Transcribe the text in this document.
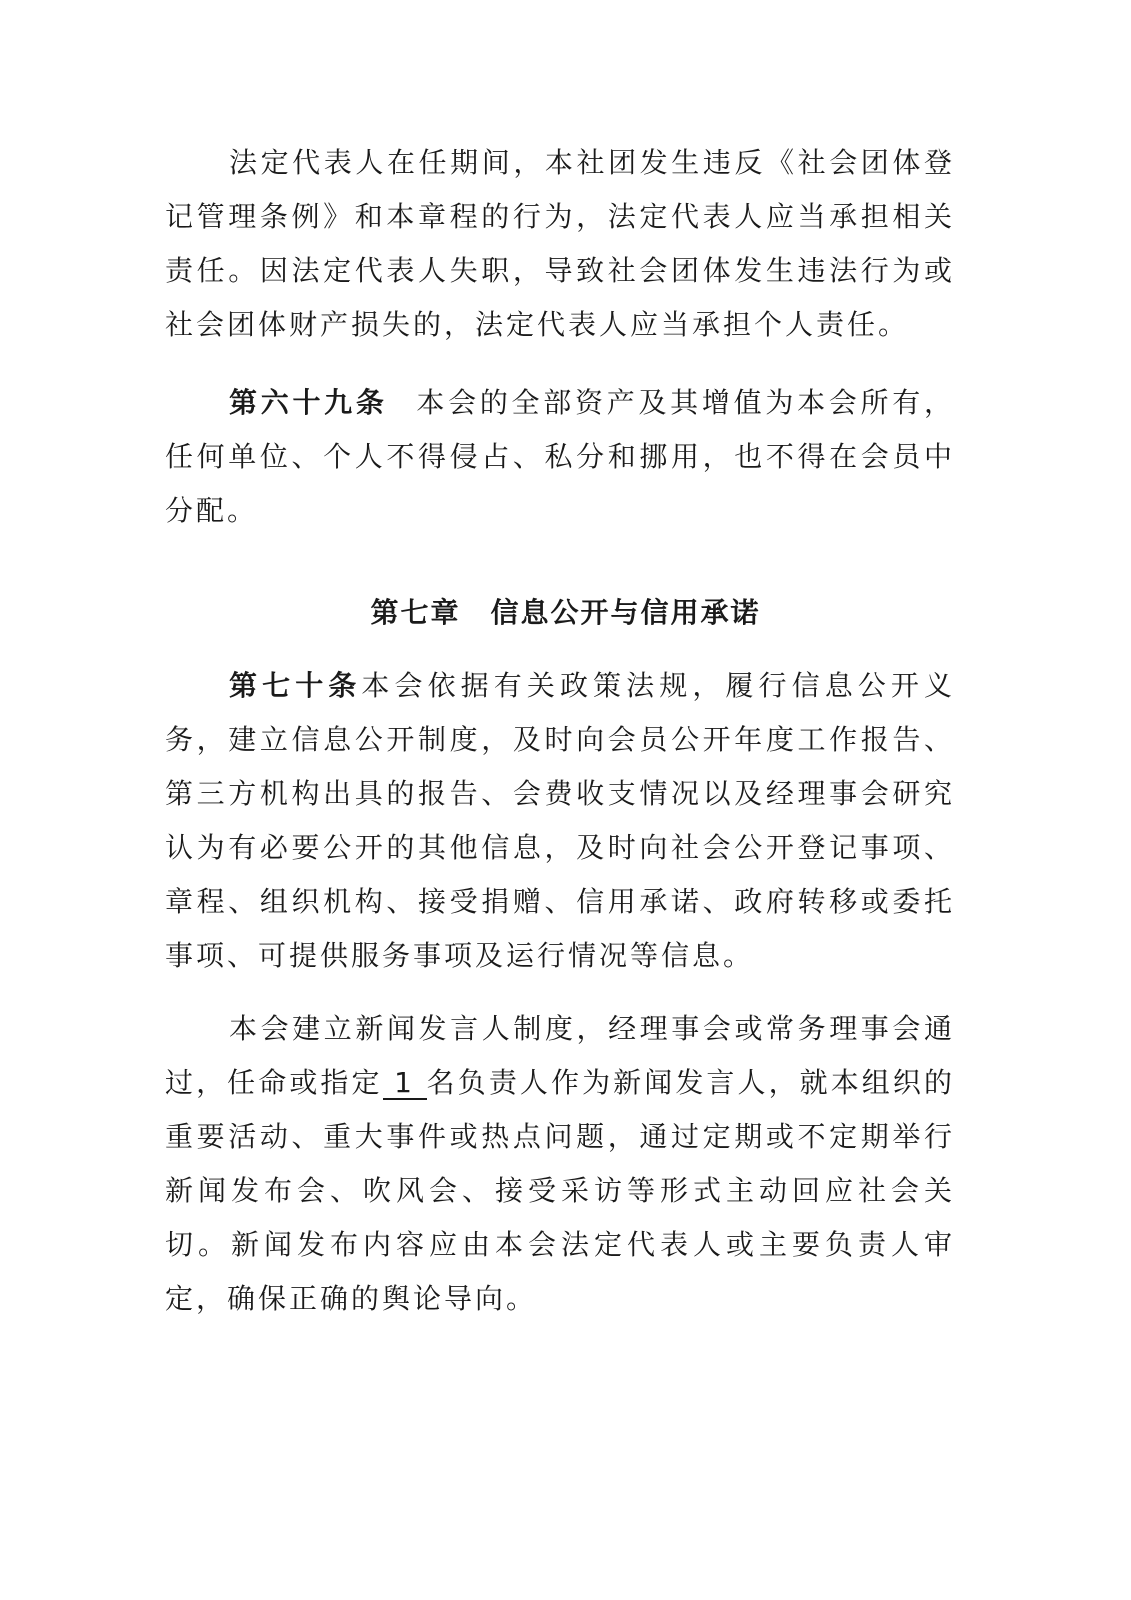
法定代表人在任期间，本社团发生违反《社会团体登记管理条例》和本章程的行为，法定代表人应当承担相关责任。因法定代表人失职，导致社会团体发生违法行为或社会团体财产损失的，法定代表人应当承担个人责任。

第六十九条 本会的全部资产及其增值为本会所有，任何单位、个人不得侵占、私分和挪用，也不得在会员中分配。

第七章　信息公开与信用承诺

第七十条本会依据有关政策法规，履行信息公开义务，建立信息公开制度，及时向会员公开年度工作报告、第三方机构出具的报告、会费收支情况以及经理事会研究认为有必要公开的其他信息，及时向社会公开登记事项、章程、组织机构、接受捐赠、信用承诺、政府转移或委托事项、可提供服务事项及运行情况等信息。

本会建立新闻发言人制度，经理事会或常务理事会通过，任命或指定 1 名负责人作为新闻发言人，就本组织的重要活动、重大事件或热点问题，通过定期或不定期举行新闻发布会、吹风会、接受采访等形式主动回应社会关切。新闻发布内容应由本会法定代表人或主要负责人审定，确保正确的舆论导向。
